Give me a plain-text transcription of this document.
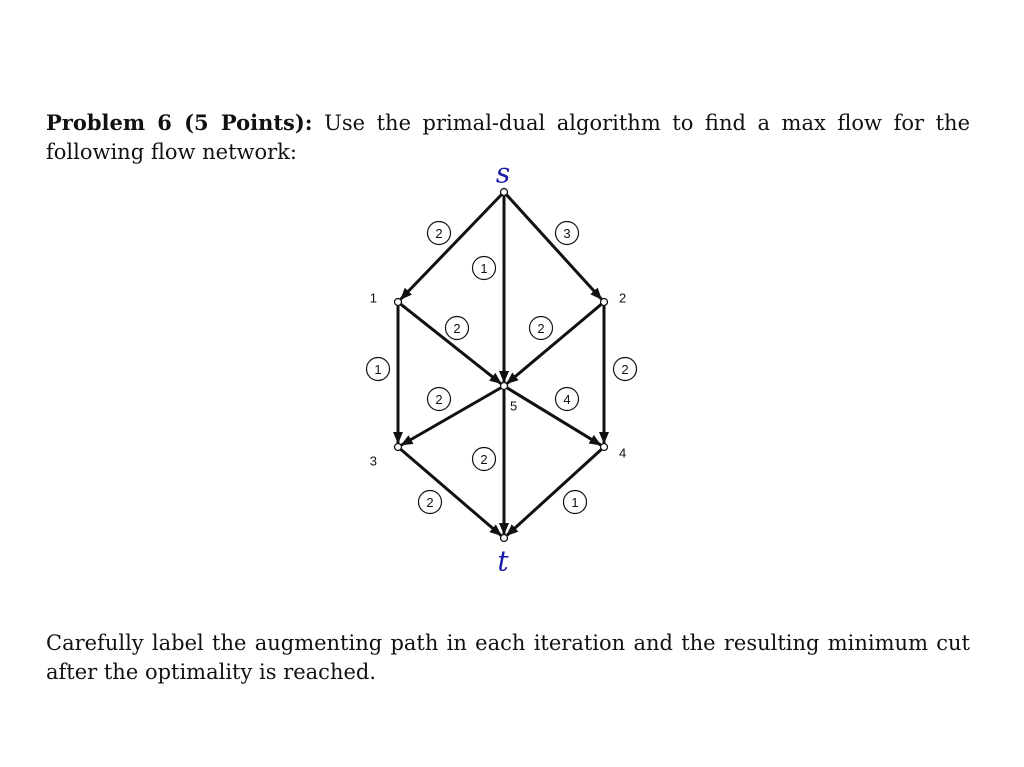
Problem 6 (5 Points): Use the primal-dual algorithm to find a max flow for the following flow network:

2
1
3
2	2
1	2
2	4
2
2	1
s
t
1	2
3
4
5

Carefully label the augmenting path in each iteration and the resulting minimum cut after the optimality is reached.
